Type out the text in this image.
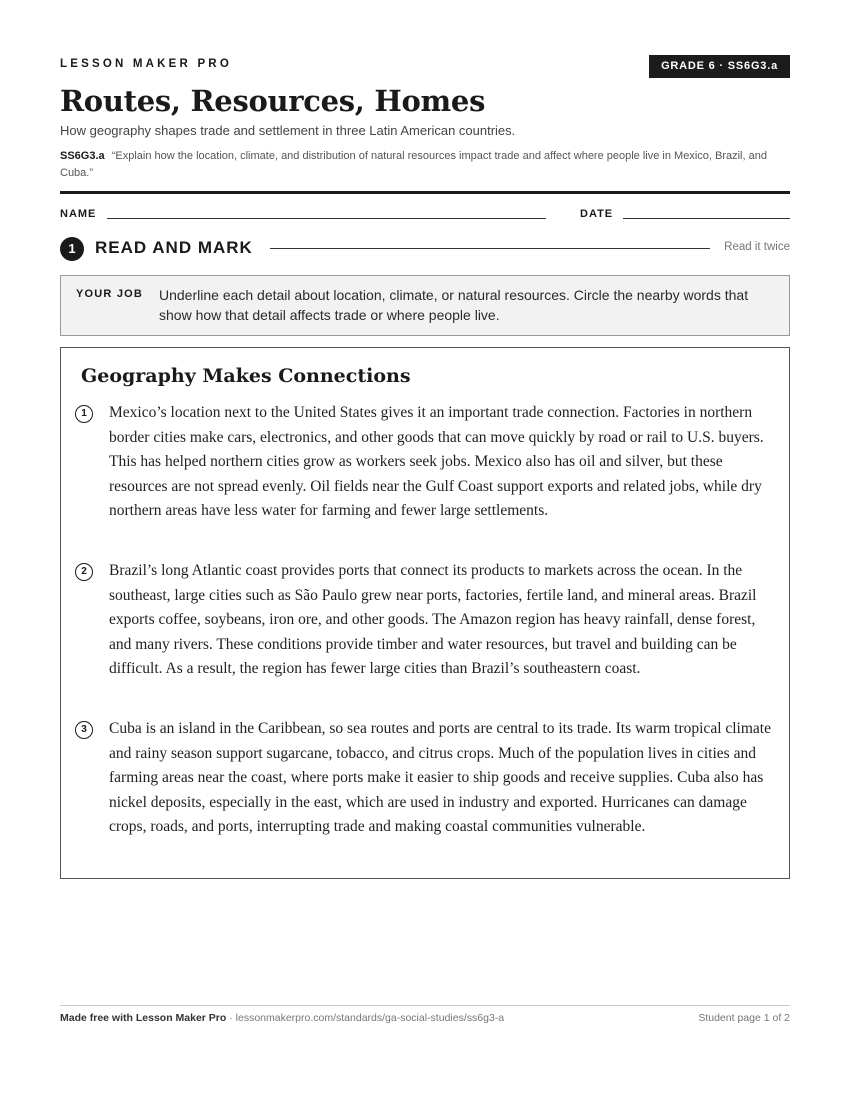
LESSON MAKER PRO	GRADE 6 · SS6G3.a
Routes, Resources, Homes
How geography shapes trade and settlement in three Latin American countries.
SS6G3.a “Explain how the location, climate, and distribution of natural resources impact trade and affect where people live in Mexico, Brazil, and Cuba.”
NAME	DATE
1	READ AND MARK	Read it twice
YOUR JOB Underline each detail about location, climate, or natural resources. Circle the nearby words that show how that detail affects trade or where people live.
Geography Makes Connections
1	Mexico’s location next to the United States gives it an important trade connection. Factories in northern border cities make cars, electronics, and other goods that can move quickly by road or rail to U.S. buyers. This has helped northern cities grow as workers seek jobs. Mexico also has oil and silver, but these resources are not spread evenly. Oil fields near the Gulf Coast support exports and related jobs, while dry northern areas have less water for farming and fewer large settlements.

2	Brazil’s long Atlantic coast provides ports that connect its products to markets across the ocean. In the southeast, large cities such as São Paulo grew near ports, factories, fertile land, and mineral areas. Brazil exports coffee, soybeans, iron ore, and other goods. The Amazon region has heavy rainfall, dense forest, and many rivers. These conditions provide timber and water resources, but travel and building can be difficult. As a result, the region has fewer large cities than Brazil’s southeastern coast.

3	Cuba is an island in the Caribbean, so sea routes and ports are central to its trade. Its warm tropical climate and rainy season support sugarcane, tobacco, and citrus crops. Much of the population lives in cities and farming areas near the coast, where ports make it easier to ship goods and receive supplies. Cuba also has nickel deposits, especially in the east, which are used in industry and exported. Hurricanes can damage crops, roads, and ports, interrupting trade and making coastal communities vulnerable.

Made free with Lesson Maker Pro · lessonmakerpro.com/standards/ga-social-studies/ss6g3-a	Student page 1 of 2
